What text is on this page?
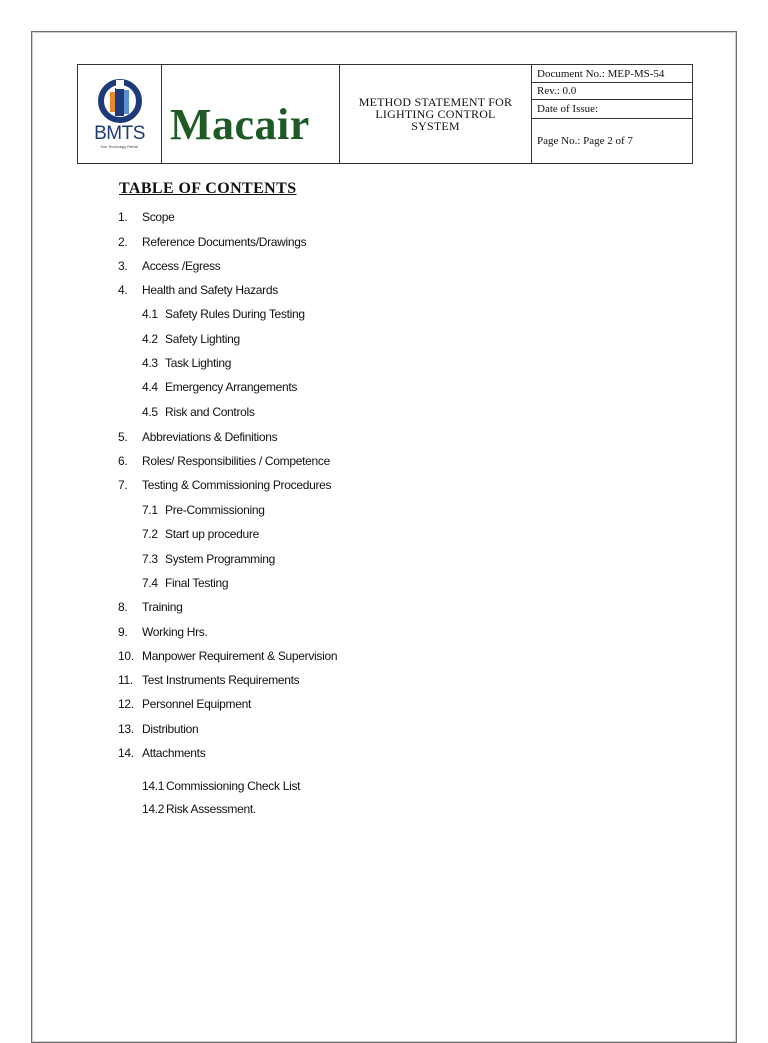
BMTS
Your Technology Partner Macair	METHOD STATEMENT FOR
LIGHTING CONTROL
SYSTEM
Document No.: MEP-MS-54
Rev.: 0.0
Date of Issue:
Page No.: Page 2 of 7
TABLE OF CONTENTS
1. Scope
2. Reference Documents/Drawings
3. Access /Egress
4. Health and Safety Hazards
4.1 Safety Rules During Testing
4.2 Safety Lighting
4.3 Task Lighting
4.4 Emergency Arrangements
4.5 Risk and Controls
5. Abbreviations & Definitions
6. Roles/ Responsibilities / Competence
7. Testing & Commissioning Procedures
7.1 Pre-Commissioning
7.2 Start up procedure
7.3 System Programming
7.4 Final Testing
8. Training
9. Working Hrs.
10. Manpower Requirement & Supervision
11. Test Instruments Requirements
12. Personnel Equipment
13. Distribution
14. Attachments
14.1 Commissioning Check List
14.2 Risk Assessment.
